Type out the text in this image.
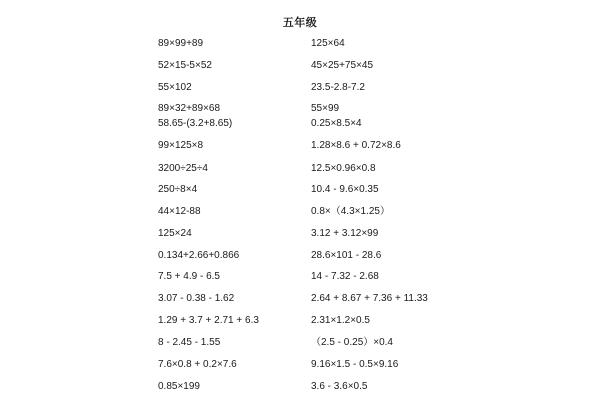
五年级
89×99+89
52×15-5×52
55×102
89×32+89×68
58.65-(3.2+8.65)
99×125×8
3200÷25÷4
250÷8×4
44×12-88
125×24
0.134+2.66+0.866
7.5 + 4.9 - 6.5
3.07 - 0.38 - 1.62
1.29 + 3.7 + 2.71 + 6.3
8 - 2.45 - 1.55
7.6×0.8 + 0.2×7.6
0.85×199
125×64
45×25+75×45
23.5-2.8-7.2
55×99
0.25×8.5×4
1.28×8.6 + 0.72×8.6
12.5×0.96×0.8
10.4 - 9.6×0.35
0.8×（4.3×1.25）
3.12 + 3.12×99
28.6×101 - 28.6
14 - 7.32 - 2.68
2.64 + 8.67 + 7.36 + 11.33
2.31×1.2×0.5
（2.5 - 0.25）×0.4
9.16×1.5 - 0.5×9.16
3.6 - 3.6×0.5
